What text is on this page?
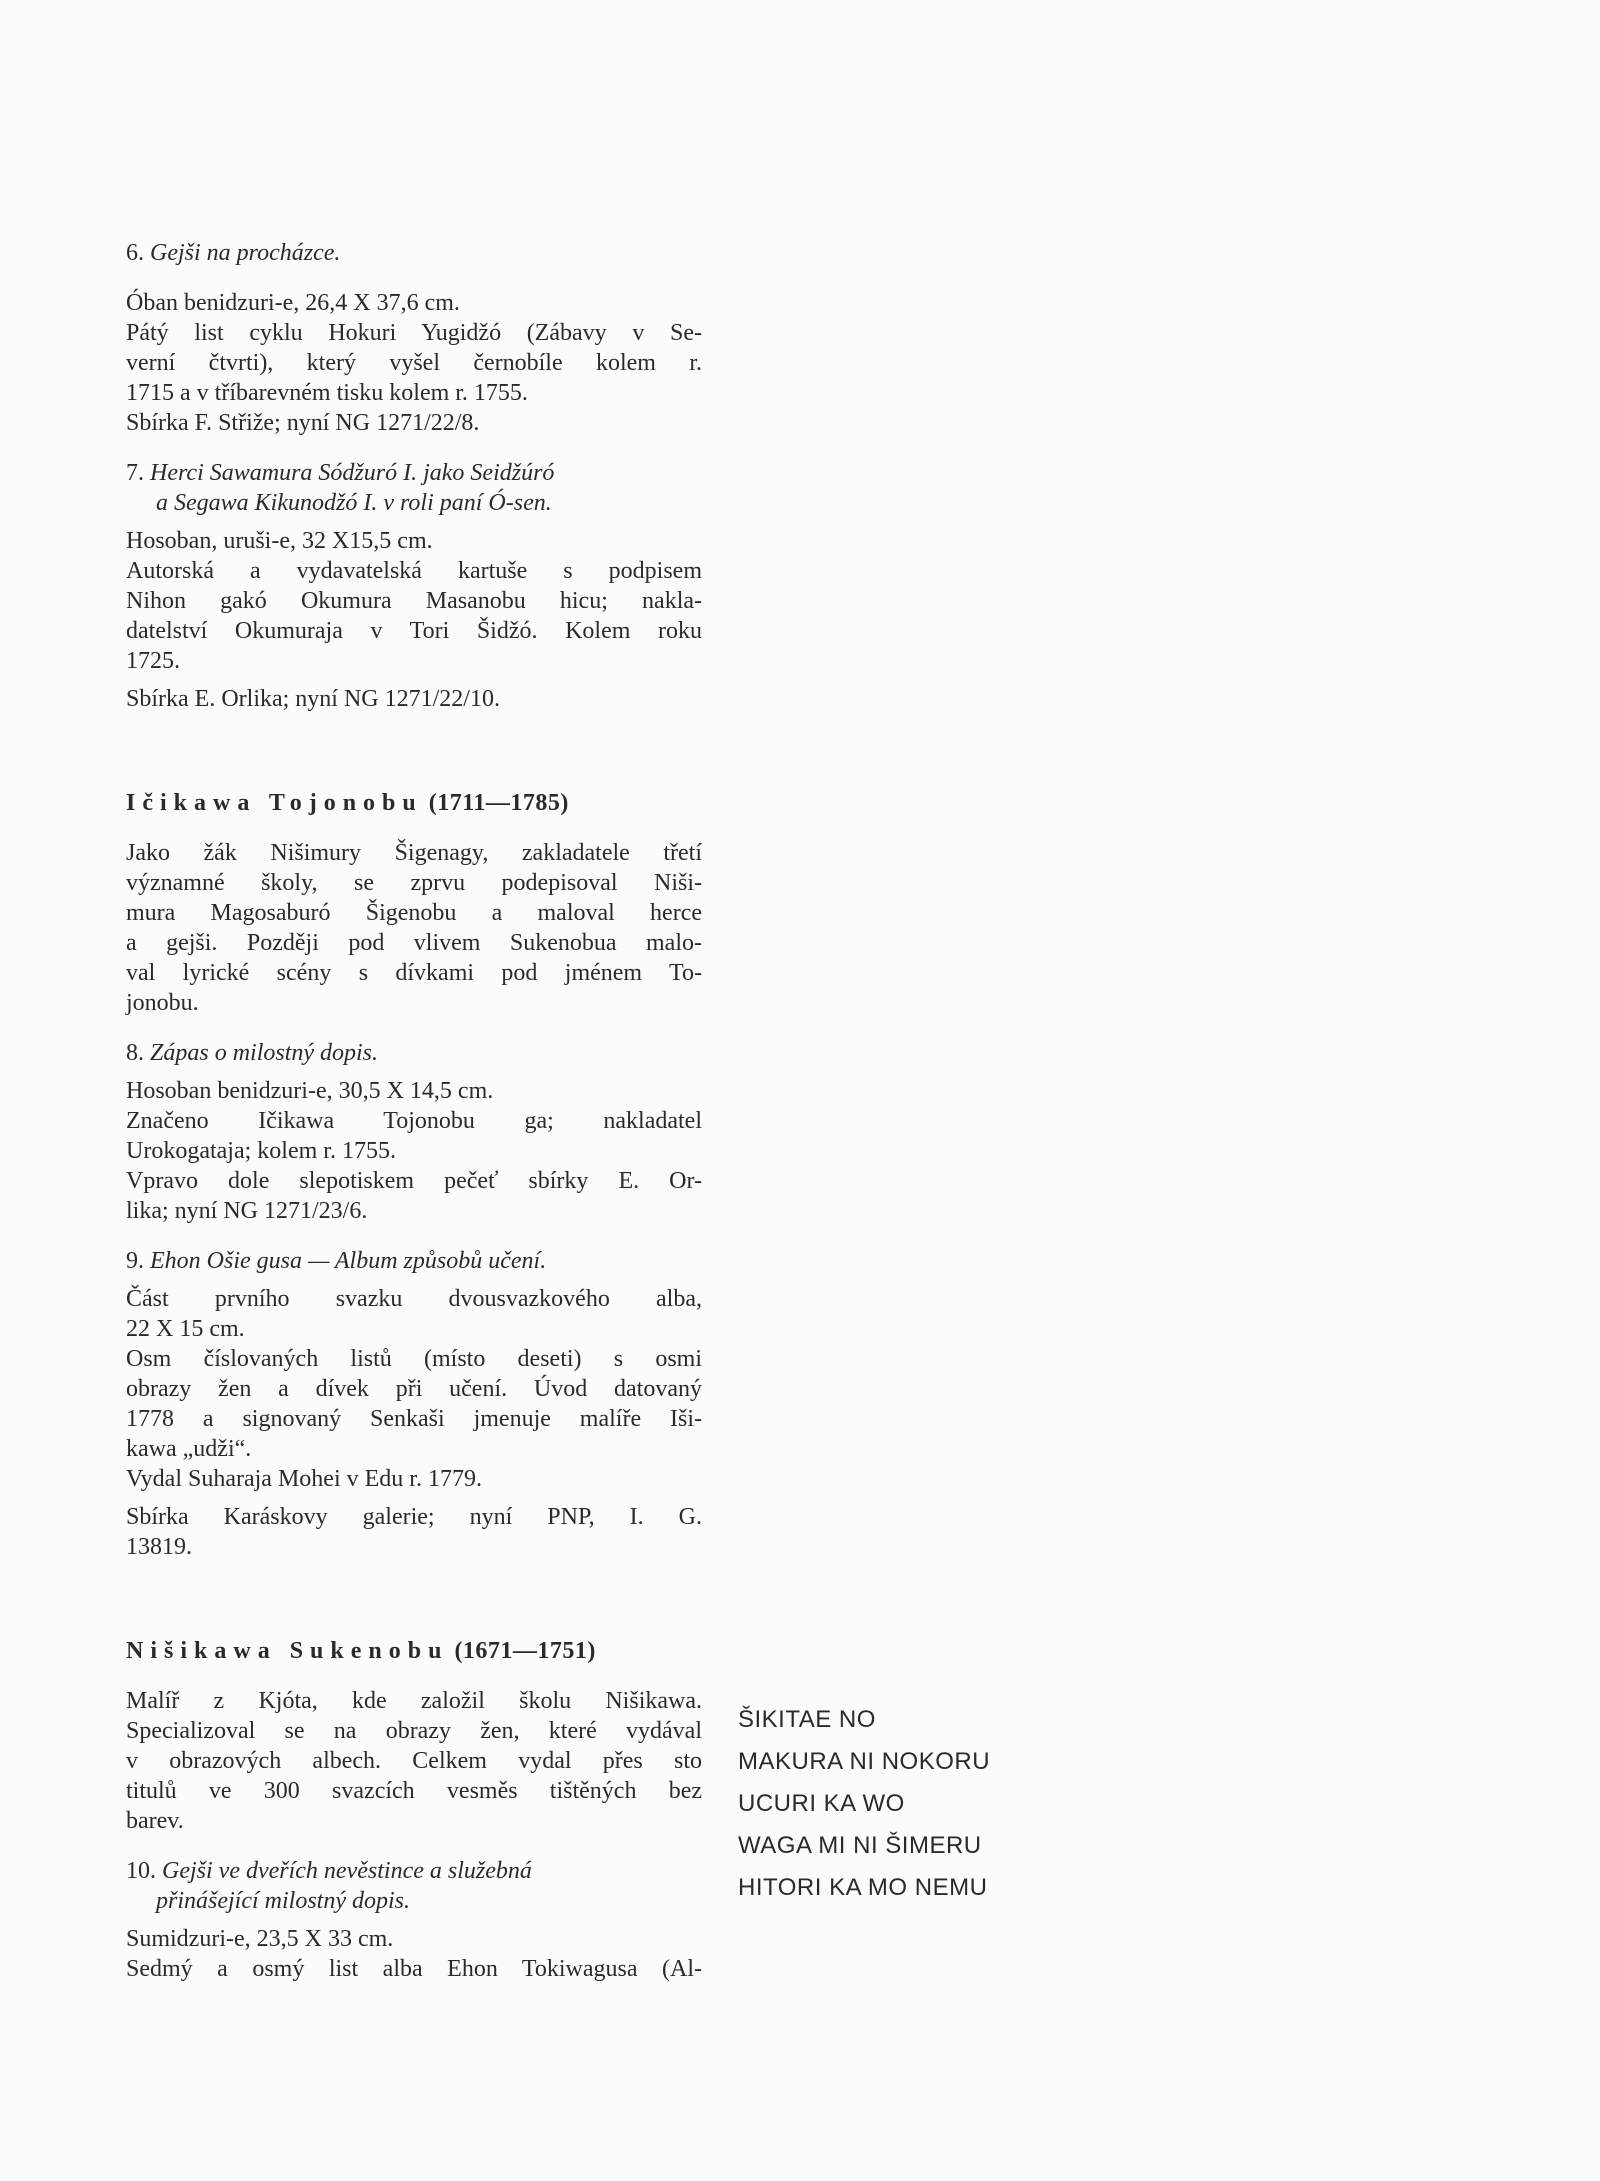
6. Gejši na procházce.
Óban benidzuri-e, 26,4 X 37,6 cm.
Pátý list cyklu Hokuri Yugidžó (Zábavy v Se-
verní čtvrti), který vyšel černobíle kolem r.
1715 a v tříbarevném tisku kolem r. 1755.
Sbírka F. Střiže; nyní NG 1271/22/8.
7. Herci Sawamura Sódžuró I. jako Seidžúró
a Segawa Kikunodžó I. v roli paní Ó-sen.
Hosoban, uruši-e, 32 X15,5 cm.
Autorská a vydavatelská kartuše s podpisem
Nihon gakó Okumura Masanobu hicu; nakla-
datelství Okumuraja v Tori Šidžó. Kolem roku
1725.
Sbírka E. Orlika; nyní NG 1271/22/10.
Ičikawa Tojonobu (1711—1785)
Jako žák Nišimury Šigenagy, zakladatele třetí
významné školy, se zprvu podepisoval Niši-
mura Magosaburó Šigenobu a maloval herce
a gejši. Později pod vlivem Sukenobua malo-
val lyrické scény s dívkami pod jménem To-
jonobu.
8. Zápas o milostný dopis.
Hosoban benidzuri-e, 30,5 X 14,5 cm.
Značeno Ičikawa Tojonobu ga; nakladatel
Urokogataja; kolem r. 1755.
Vpravo dole slepotiskem pečeť sbírky E. Or-
lika; nyní NG 1271/23/6.
9. Ehon Ošie gusa — Album způsobů učení.
Část prvního svazku dvousvazkového alba,
22 X 15 cm.
Osm číslovaných listů (místo deseti) s osmi
obrazy žen a dívek při učení. Úvod datovaný
1778 a signovaný Senkaši jmenuje malíře Iši-
kawa „udži“.
Vydal Suharaja Mohei v Edu r. 1779.
Sbírka Karáskovy galerie; nyní PNP, I. G.
13819.
Nišikawa Sukenobu (1671—1751)
Malíř z Kjóta, kde založil školu Nišikawa.
Specializoval se na obrazy žen, které vydával
v obrazových albech. Celkem vydal přes sto
titulů ve 300 svazcích vesměs tištěných bez
barev.
10. Gejši ve dveřích nevěstince a služebná
přinášející milostný dopis.
Sumidzuri-e, 23,5 X 33 cm.
Sedmý a osmý list alba Ehon Tokiwagusa (Al-
ŠIKITAE NO
MAKURA NI NOKORU
UCURI KA WO
WAGA MI NI ŠIMERU
HITORI KA MO NEMU
